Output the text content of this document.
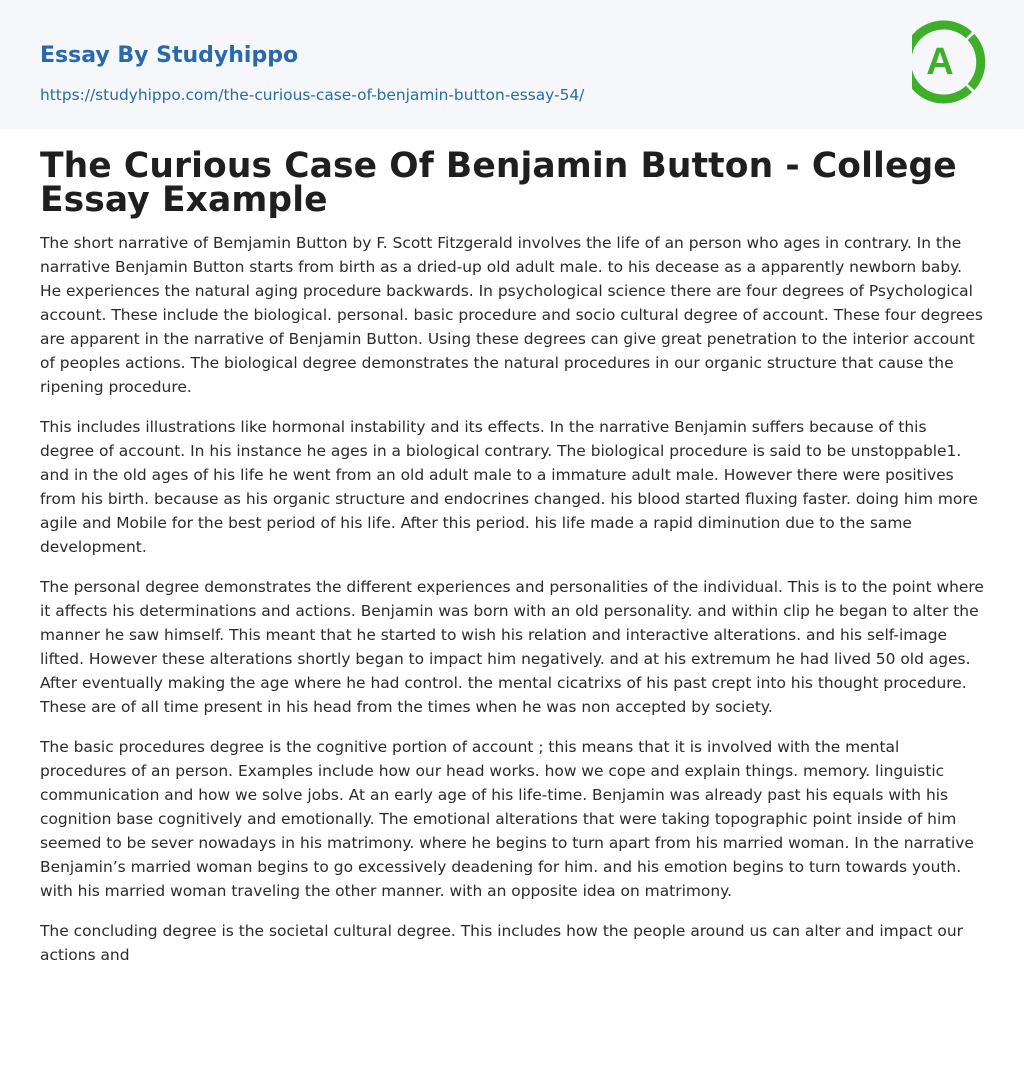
Essay By Studyhippo
https://studyhippo.com/the-curious-case-of-benjamin-button-essay-54/
A
The Curious Case Of Benjamin Button - College Essay Example

The short narrative of Bemjamin Button by F. Scott Fitzgerald involves the life of an person who ages in contrary. In the narrative Benjamin Button starts from birth as a dried-up old adult male. to his decease as a apparently newborn baby. He experiences the natural aging procedure backwards. In psychological science there are four degrees of Psychological account. These include the biological. personal. basic procedure and socio cultural degree of account. These four degrees are apparent in the narrative of Benjamin Button. Using these degrees can give great penetration to the interior account of peoples actions. The biological degree demonstrates the natural procedures in our organic structure that cause the ripening procedure.

This includes illustrations like hormonal instability and its effects. In the narrative Benjamin suffers because of this degree of account. In his instance he ages in a biological contrary. The biological procedure is said to be unstoppable1. and in the old ages of his life he went from an old adult male to a immature adult male. However there were positives from his birth. because as his organic structure and endocrines changed. his blood started fluxing faster. doing him more agile and Mobile for the best period of his life. After this period. his life made a rapid diminution due to the same development.

The personal degree demonstrates the different experiences and personalities of the individual. This is to the point where it affects his determinations and actions. Benjamin was born with an old personality. and within clip he began to alter the manner he saw himself. This meant that he started to wish his relation and interactive alterations. and his self-image lifted. However these alterations shortly began to impact him negatively. and at his extremum he had lived 50 old ages. After eventually making the age where he had control. the mental cicatrixs of his past crept into his thought procedure. These are of all time present in his head from the times when he was non accepted by society.

The basic procedures degree is the cognitive portion of account ; this means that it is involved with the mental procedures of an person. Examples include how our head works. how we cope and explain things. memory. linguistic communication and how we solve jobs. At an early age of his life-time. Benjamin was already past his equals with his cognition base cognitively and emotionally. The emotional alterations that were taking topographic point inside of him seemed to be sever nowadays in his matrimony. where he begins to turn apart from his married woman. In the narrative Benjamin’s married woman begins to go excessively deadening for him. and his emotion begins to turn towards youth. with his married woman traveling the other manner. with an opposite idea on matrimony.

The concluding degree is the societal cultural degree. This includes how the people around us can alter and impact our actions and
